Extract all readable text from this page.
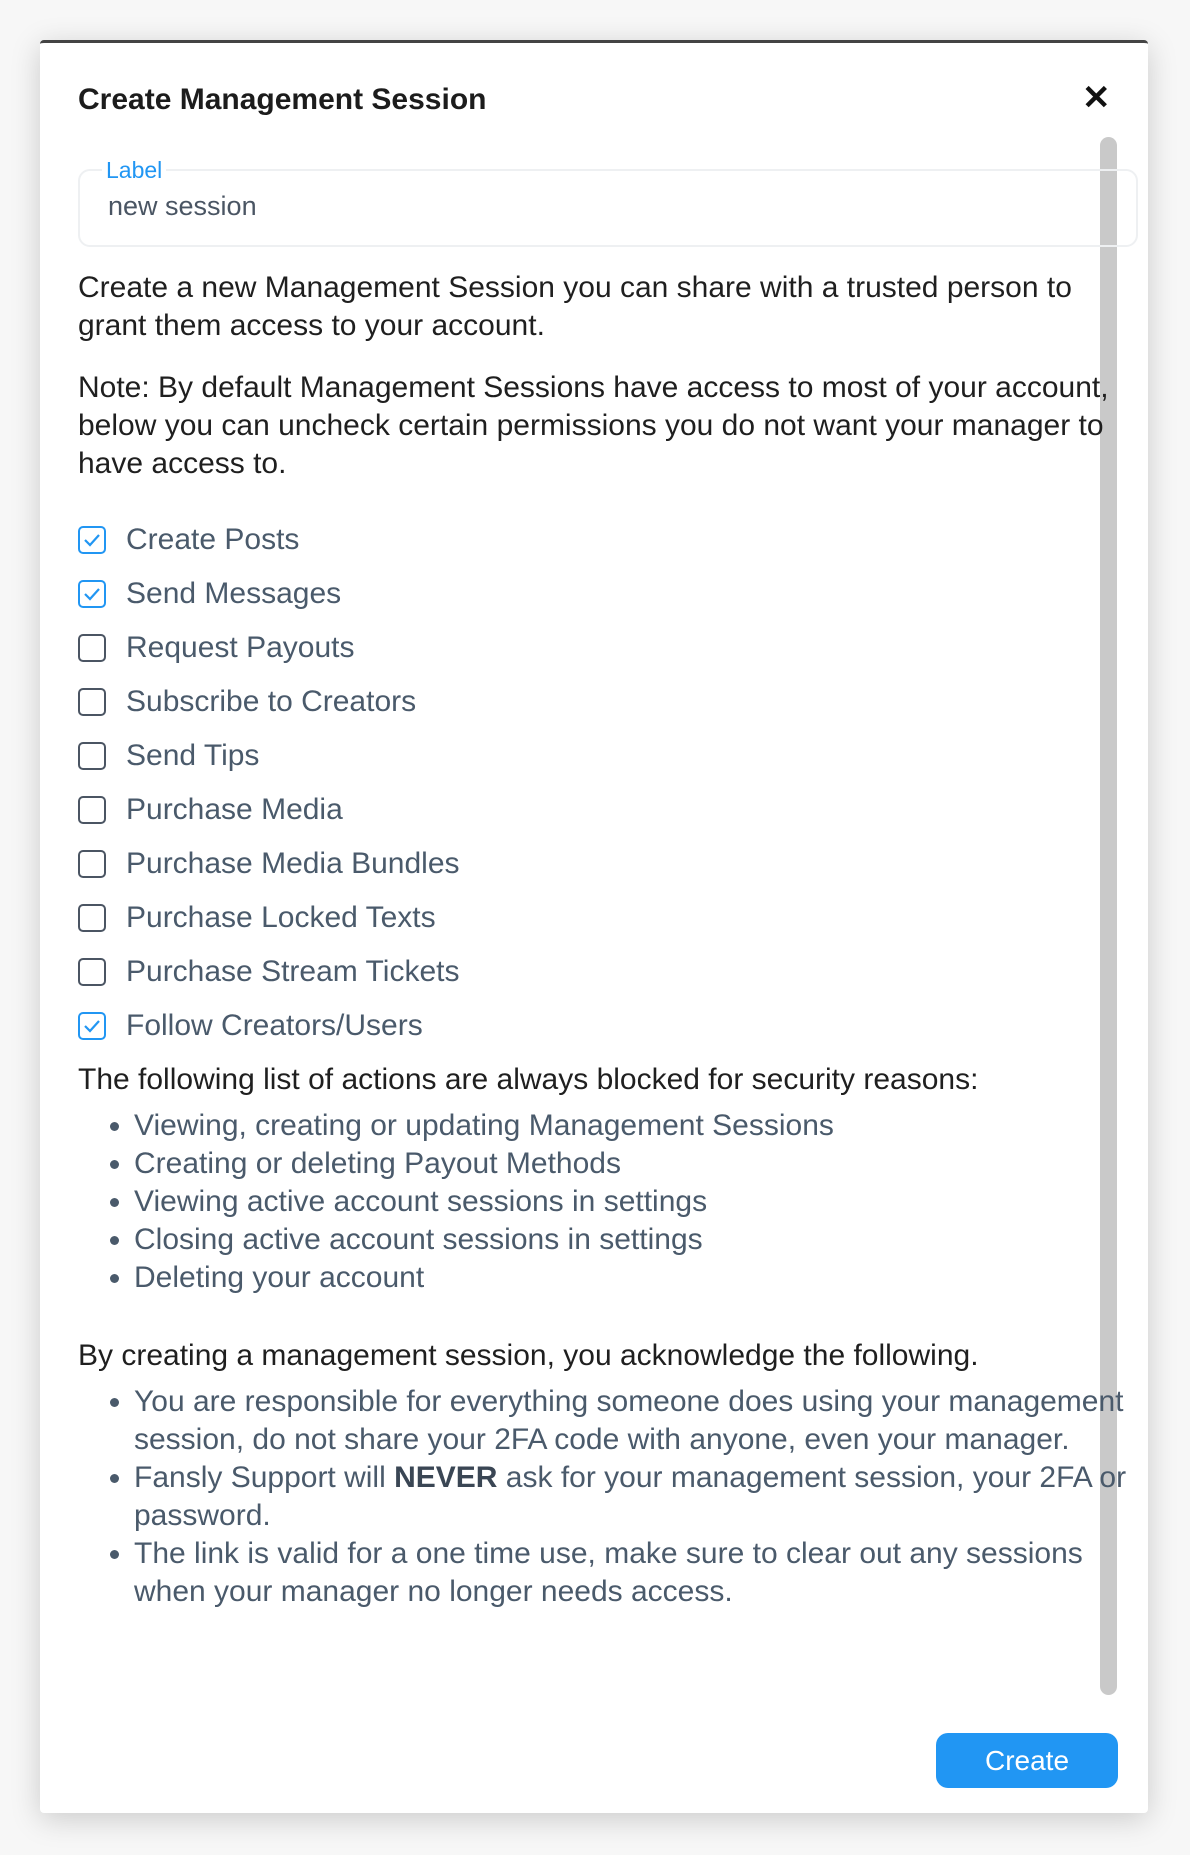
Create Management Session	✕
Label
new session

Create a new Management Session you can share with a trusted person to grant them access to your account.

Note: By default Management Sessions have access to most of your account, below you can uncheck certain permissions you do not want your manager to have access to.

Create Posts
Send Messages
Request Payouts
Subscribe to Creators
Send Tips
Purchase Media
Purchase Media Bundles
Purchase Locked Texts
Purchase Stream Tickets
Follow Creators/Users

The following list of actions are always blocked for security reasons:

• Viewing, creating or updating Management Sessions
• Creating or deleting Payout Methods
• Viewing active account sessions in settings
• Closing active account sessions in settings
• Deleting your account

By creating a management session, you acknowledge the following.

• You are responsible for everything someone does using your management session, do not share your 2FA code with anyone, even your manager.
• Fansly Support will NEVER ask for your management session, your 2FA or password.
• The link is valid for a one time use, make sure to clear out any sessions when your manager no longer needs access.
Create
